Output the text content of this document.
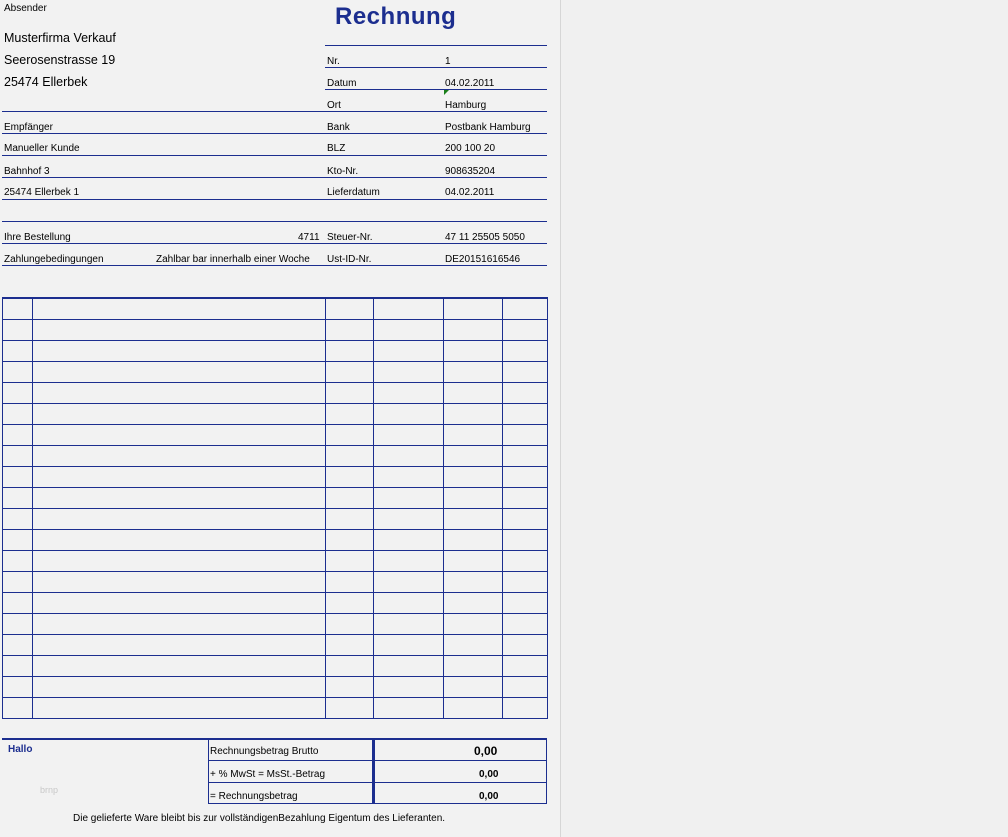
Absender
Musterfirma Verkauf
Seerosenstrasse 19
25474 Ellerbek
Rechnung
Nr.	1
Datum	04.02.2011
Ort	Hamburg
Bank	Postbank Hamburg
BLZ	200 100 20
Kto-Nr.	908635204
Lieferdatum	04.02.2011
Steuer-Nr.	47 11 25505 5050
Ust-ID-Nr.	DE20151616546
Empfänger
Manueller Kunde
Bahnhof 3
25474 Ellerbek 1
Ihre Bestellung	4711
Zahlungebedingungen	Zahlbar bar innerhalb einer Woche

Hallo
brnp
Rechnungsbetrag Brutto	0,00
+ % MwSt = MsSt.-Betrag	0,00
= Rechnungsbetrag	0,00
Die gelieferte Ware bleibt bis zur vollständigenBezahlung Eigentum des Lieferanten.
